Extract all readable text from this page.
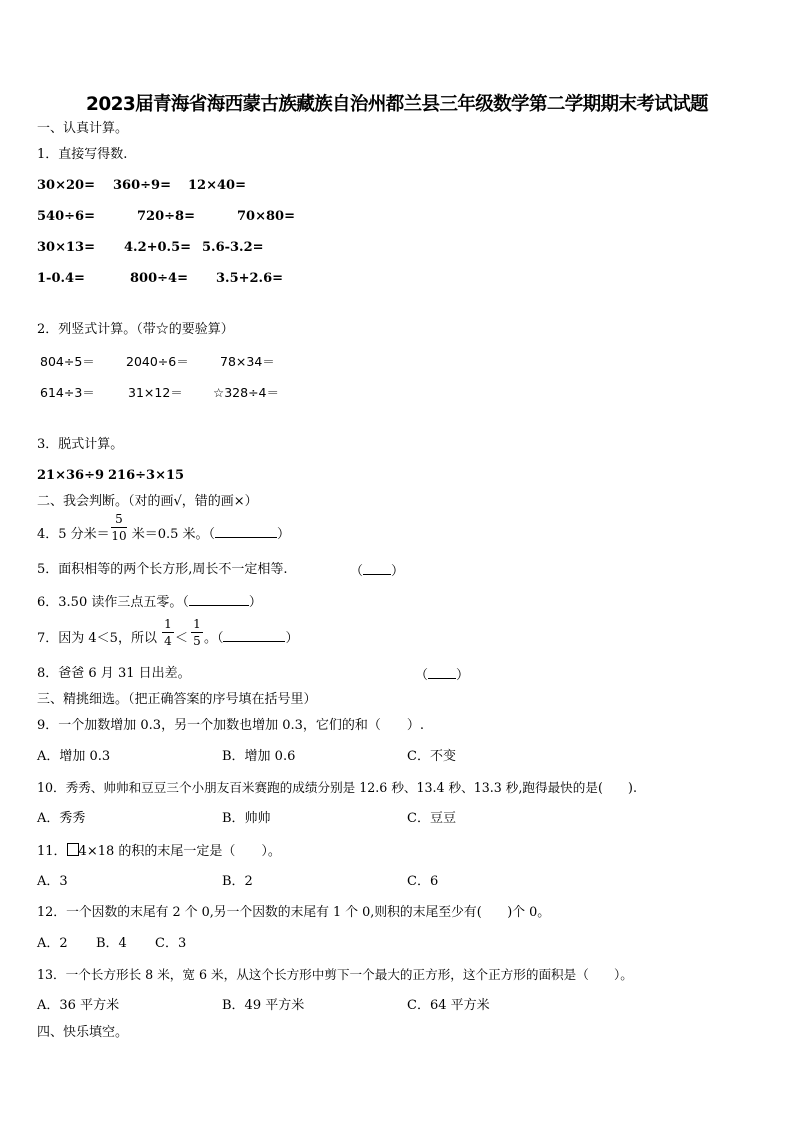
2023届青海省海西蒙古族藏族自治州都兰县三年级数学第二学期期末考试试题
一、认真计算。
1．直接写得数.
30×20= 360÷9= 12×40=
540÷6=	720÷8=	70×80=
30×13= 4.2+0.5= 5.6-3.2=
1-0.4=	800÷4= 3.5+2.6=
2．列竖式计算。（带☆的要验算）
804÷5＝ 2040÷6＝	78×34＝
614÷3＝	31×12＝ ☆328÷4＝
3．脱式计算。
21×36÷9 216÷3×15
二、我会判断。（对的画√，错的画×）
4．5 分米＝ 米＝0.5 米。（	）
5
10
5．面积相等的两个长方形,周长不一定相等.	（ ）
6．3.50 读作三点五零。（	）
7．因为 4＜5，所以 ＜ 。（	）
1
4
1
5
8．爸爸 6 月 31 日出差。	（ ）
三、精挑细选。（把正确答案的序号填在括号里）
9．一个加数增加 0.3，另一个加数也增加 0.3，它们的和（　　）.
A．增加 0.3	B．增加 0.6	C．不变
10．秀秀、帅帅和豆豆三个小朋友百米赛跑的成绩分别是 12.6 秒、13.4 秒、13.3 秒,跑得最快的是(　　).
A．秀秀	B．帅帅	C．豆豆
11． 4×18 的积的末尾一定是（　　）。
A．3	B．2	C．6
12．一个因数的末尾有 2 个 0,另一个因数的末尾有 1 个 0,则积的末尾至少有(　　)个 0。
A．2 B．4 C．3
13．一个长方形长 8 米，宽 6 米，从这个长方形中剪下一个最大的正方形，这个正方形的面积是（　　）。
A．36 平方米	B．49 平方米	C．64 平方米
四、快乐填空。
